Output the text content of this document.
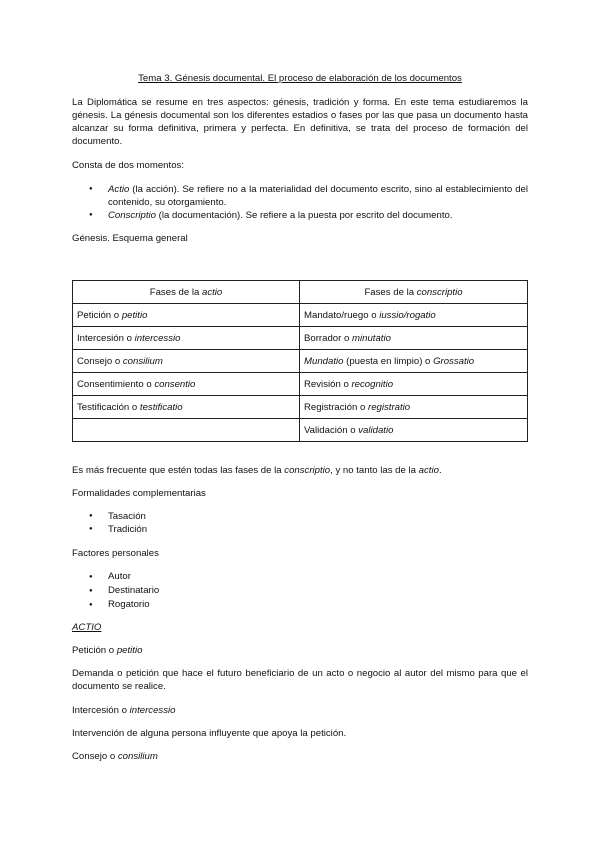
Tema 3. Génesis documental. El proceso de elaboración de los documentos
La Diplomática se resume en tres aspectos: génesis, tradición y forma. En este tema estudiaremos la génesis. La génesis documental son los diferentes estadios o fases por las que pasa un documento hasta alcanzar su forma definitiva, primera y perfecta. En definitiva, se trata del proceso de formación del documento.
Consta de dos momentos:
● Actio (la acción). Se refiere no a la materialidad del documento escrito, sino al establecimiento del contenido, su otorgamiento.
● Conscriptio (la documentación). Se refiere a la puesta por escrito del documento.
Génesis. Esquema general
Fases de la actio	Fases de la conscriptio
Petición o petitio	Mandato/ruego o iussio/rogatio
Intercesión o intercessio	Borrador o minutatio
Consejo o consilium	Mundatio (puesta en limpio) o Grossatio
Consentimiento o consentio	Revisión o recognitio
Testificación o testificatio	Registración o registratio
	Validación o validatio
Es más frecuente que estén todas las fases de la conscriptio, y no tanto las de la actio.
Formalidades complementarias
● Tasación
● Tradición
Factores personales
● Autor
● Destinatario
● Rogatorio
ACTIO
Petición o petitio
Demanda o petición que hace el futuro beneficiario de un acto o negocio al autor del mismo para que el documento se realice.
Intercesión o intercessio
Intervención de alguna persona influyente que apoya la petición.
Consejo o consilium
